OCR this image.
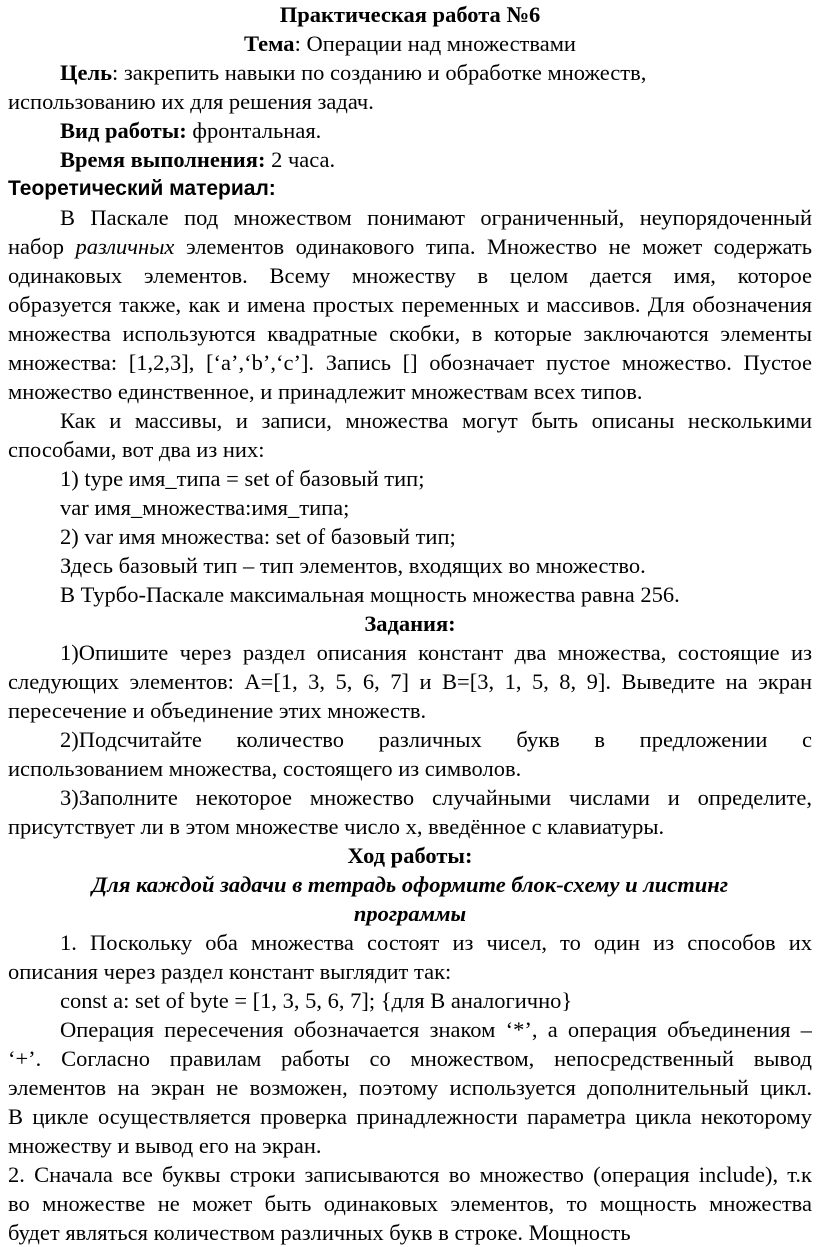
Практическая работа №6
Тема: Операции над множествами
Цель: закрепить навыки по созданию и обработке множеств,
использованию их для решения задач.
Вид работы: фронтальная.
Время выполнения: 2 часа.
Теоретический материал:
В Паскале под множеством понимают ограниченный, неупорядоченный
набор различных элементов одинакового типа. Множество не может содержать
одинаковых элементов. Всему множеству в целом дается имя, которое
образуется также, как и имена простых переменных и массивов. Для обозначения
множества используются квадратные скобки, в которые заключаются элементы
множества: [1,2,3], [‘a’,‘b’,‘c’]. Запись [] обозначает пустое множество. Пустое
множество единственное, и принадлежит множествам всех типов.
Как и массивы, и записи, множества могут быть описаны несколькими
способами, вот два из них:
1) type имя_типа = set of базовый тип;
var имя_множества:имя_типа;
2) var имя множества: set of базовый тип;
Здесь базовый тип – тип элементов, входящих во множество.
В Турбо-Паскале максимальная мощность множества равна 256.
Задания:
1)Опишите через раздел описания констант два множества, состоящие из
следующих элементов: A=[1, 3, 5, 6, 7] и B=[3, 1, 5, 8, 9]. Выведите на экран
пересечение и объединение этих множеств.
2)Подсчитайте количество различных букв в предложении с
использованием множества, состоящего из символов.
3)Заполните некоторое множество случайными числами и определите,
присутствует ли в этом множестве число x, введённое с клавиатуры.
Ход работы:
Для каждой задачи в тетрадь оформите блок-схему и листинг
программы
1. Поскольку оба множества состоят из чисел, то один из способов их
описания через раздел констант выглядит так:
const a: set of byte = [1, 3, 5, 6, 7]; {для B аналогично}
Операция пересечения обозначается знаком ‘*’, а операция объединения –
‘+’. Согласно правилам работы со множеством, непосредственный вывод
элементов на экран не возможен, поэтому используется дополнительный цикл.
В цикле осуществляется проверка принадлежности параметра цикла некоторому
множеству и вывод его на экран.
2. Сначала все буквы строки записываются во множество (операция include), т.к
во множестве не может быть одинаковых элементов, то мощность множества
будет являться количеством различных букв в строке. Мощность
